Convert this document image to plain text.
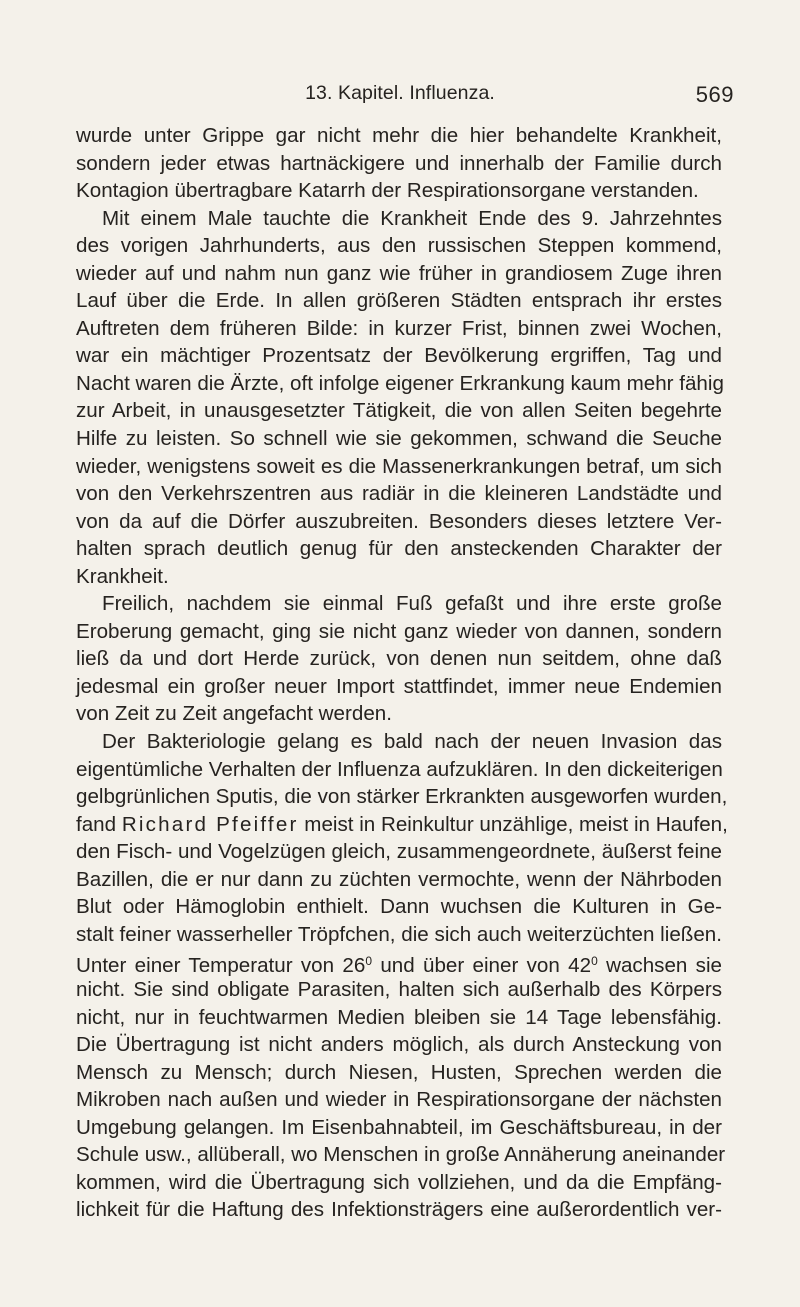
13. Kapitel. Influenza.	569
wurde unter Grippe gar nicht mehr die hier behandelte Krankheit,
sondern jeder etwas hartnäckigere und innerhalb der Familie durch
Kontagion übertragbare Katarrh der Respirationsorgane verstanden.
Mit einem Male tauchte die Krankheit Ende des 9. Jahrzehntes
des vorigen Jahrhunderts, aus den russischen Steppen kommend,
wieder auf und nahm nun ganz wie früher in grandiosem Zuge ihren
Lauf über die Erde. In allen größeren Städten entsprach ihr erstes
Auftreten dem früheren Bilde: in kurzer Frist, binnen zwei Wochen,
war ein mächtiger Prozentsatz der Bevölkerung ergriffen, Tag und
Nacht waren die Ärzte, oft infolge eigener Erkrankung kaum mehr fähig
zur Arbeit, in unausgesetzter Tätigkeit, die von allen Seiten begehrte
Hilfe zu leisten. So schnell wie sie gekommen, schwand die Seuche
wieder, wenigstens soweit es die Massenerkrankungen betraf, um sich
von den Verkehrszentren aus radiär in die kleineren Landstädte und
von da auf die Dörfer auszubreiten. Besonders dieses letztere Ver-
halten sprach deutlich genug für den ansteckenden Charakter der
Krankheit.
Freilich, nachdem sie einmal Fuß gefaßt und ihre erste große
Eroberung gemacht, ging sie nicht ganz wieder von dannen, sondern
ließ da und dort Herde zurück, von denen nun seitdem, ohne daß
jedesmal ein großer neuer Import stattfindet, immer neue Endemien
von Zeit zu Zeit angefacht werden.
Der Bakteriologie gelang es bald nach der neuen Invasion das
eigentümliche Verhalten der Influenza aufzuklären. In den dickeiterigen
gelbgrünlichen Sputis, die von stärker Erkrankten ausgeworfen wurden,
fand Richard Pfeiffer meist in Reinkultur unzählige, meist in Haufen,
den Fisch- und Vogelzügen gleich, zusammengeordnete, äußerst feine
Bazillen, die er nur dann zu züchten vermochte, wenn der Nährboden
Blut oder Hämoglobin enthielt. Dann wuchsen die Kulturen in Ge-
stalt feiner wasserheller Tröpfchen, die sich auch weiterzüchten ließen.
Unter einer Temperatur von $26^0$ und über einer von $42^0$ wachsen sie
nicht. Sie sind obligate Parasiten, halten sich außerhalb des Körpers
nicht, nur in feuchtwarmen Medien bleiben sie 14 Tage lebensfähig.
Die Übertragung ist nicht anders möglich, als durch Ansteckung von
Mensch zu Mensch; durch Niesen, Husten, Sprechen werden die
Mikroben nach außen und wieder in Respirationsorgane der nächsten
Umgebung gelangen. Im Eisenbahnabteil, im Geschäftsbureau, in der
Schule usw., allüberall, wo Menschen in große Annäherung aneinander
kommen, wird die Übertragung sich vollziehen, und da die Empfäng-
lichkeit für die Haftung des Infektionsträgers eine außerordentlich ver-
